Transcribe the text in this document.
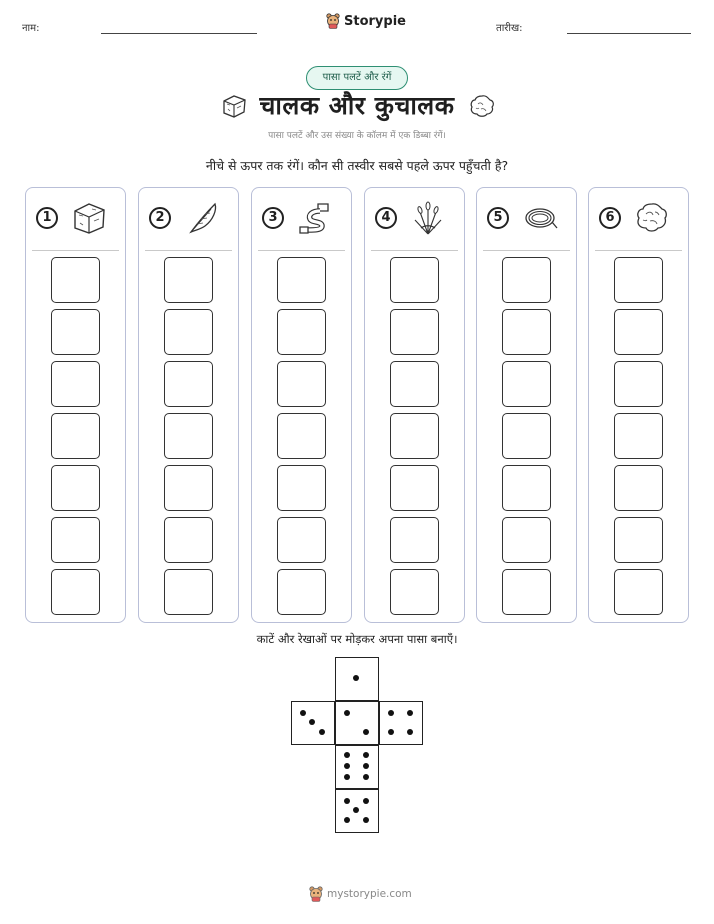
नाम:	Storypie	तारीख:
पासा पलटें और रंगें
चालक और कुचालक
पासा पलटें और उस संख्या के कॉलम में एक डिब्बा रंगें।
नीचे से ऊपर तक रंगें। कौन सी तस्वीर सबसे पहले ऊपर पहुँचती है?
1	2	3	4	5	6
काटें और रेखाओं पर मोड़कर अपना पासा बनाएँ।
mystorypie.com
